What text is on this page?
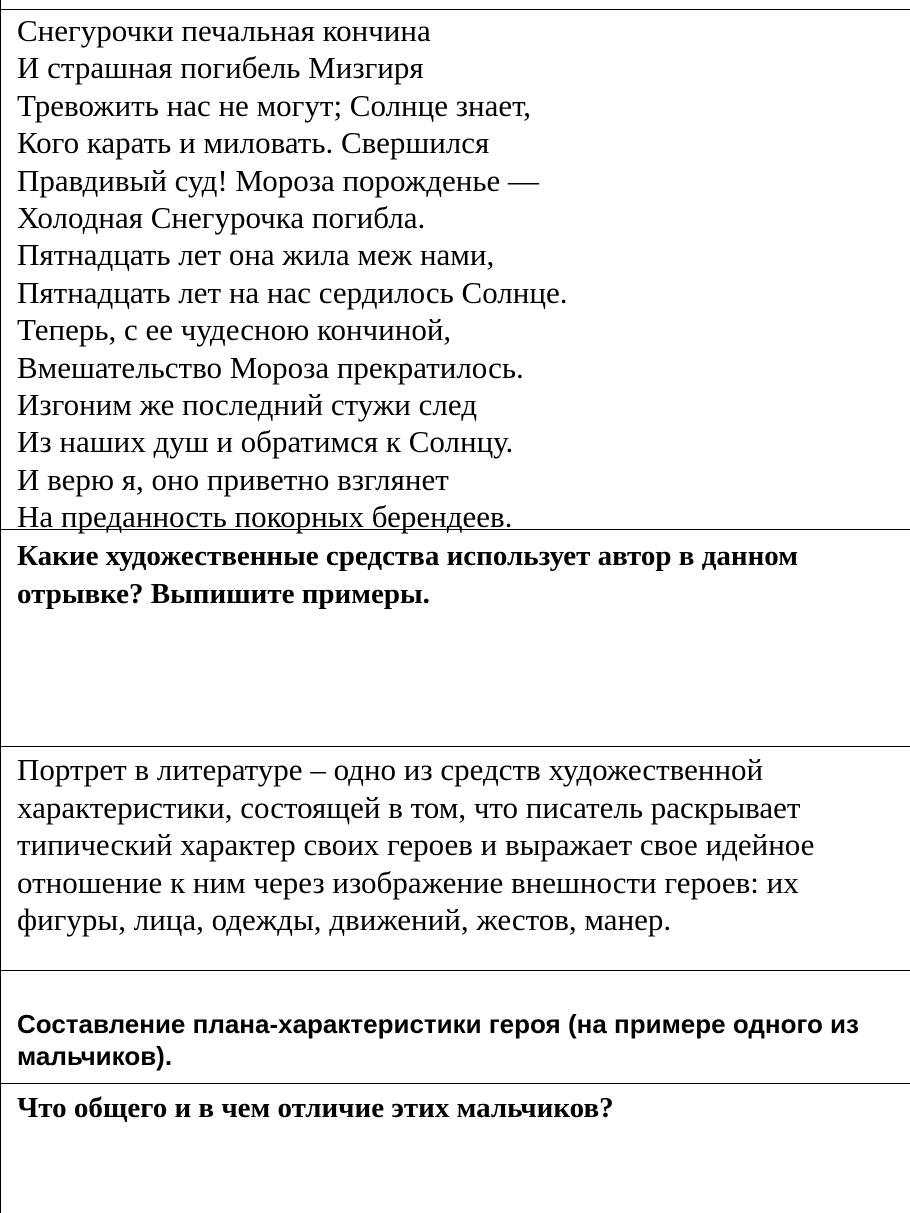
Снегурочки печальная кончина
И страшная погибель Мизгиря
Тревожить нас не могут; Солнце знает,
Кого карать и миловать. Свершился
Правдивый суд! Мороза порожденье —
Холодная Снегурочка погибла.
Пятнадцать лет она жила меж нами,
Пятнадцать лет на нас сердилось Солнце.
Теперь, с ее чудесною кончиной,
Вмешательство Мороза прекратилось.
Изгоним же последний стужи след
Из наших душ и обратимся к Солнцу.
И верю я, оно приветно взглянет
На преданность покорных берендеев.
Какие художественные средства использует автор в данном отрывке? Выпишите примеры.
Портрет в литературе – одно из средств художественной характеристики, состоящей в том, что писатель раскрывает типический характер своих героев и выражает свое идейное отношение к ним через изображение внешности героев: их фигуры, лица, одежды, движений, жестов, манер.
Составление плана-характеристики героя (на примере одного из мальчиков).
Что общего и в чем отличие этих мальчиков?
